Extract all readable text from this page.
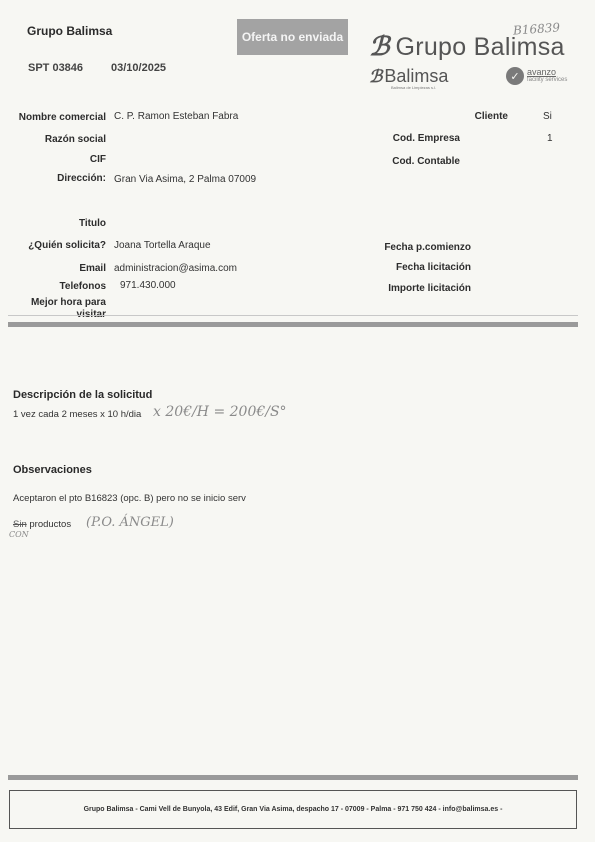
Grupo Balimsa
SPT 03846	03/10/2025
Oferta no enviada	B16839
ℬ Grupo Balimsa
ℬ Balimsa
Balimsa de Limpiezas s.l.
✓ avanzo
facility services
Nombre comercial C. P. Ramon Esteban Fabra
Razón social
CIF
Dirección: Gran Via Asima, 2 Palma 07009
Titulo
¿Quién solicita? Joana Tortella Araque
Email administracion@asima.com
Telefonos 971.430.000
Mejor hora para
Cliente	Si
Cod. Empresa	1
Cod. Contable
Fecha p.comienzo
Fecha licitación
Importe licitación
Descripción de la solicitud
1 vez cada 2 meses x 10 h/dia x 20€/H = 200€/S°
Observaciones
Aceptaron el pto B16823 (opc. B) pero no se inicio serv
Sin productos (P.O. ÁNGEL)
CON
Grupo Balimsa - Cami Vell de Bunyola, 43 Edif, Gran Via Asima, despacho 17 - 07009 - Palma - 971 750 424 - info@balimsa.es -
